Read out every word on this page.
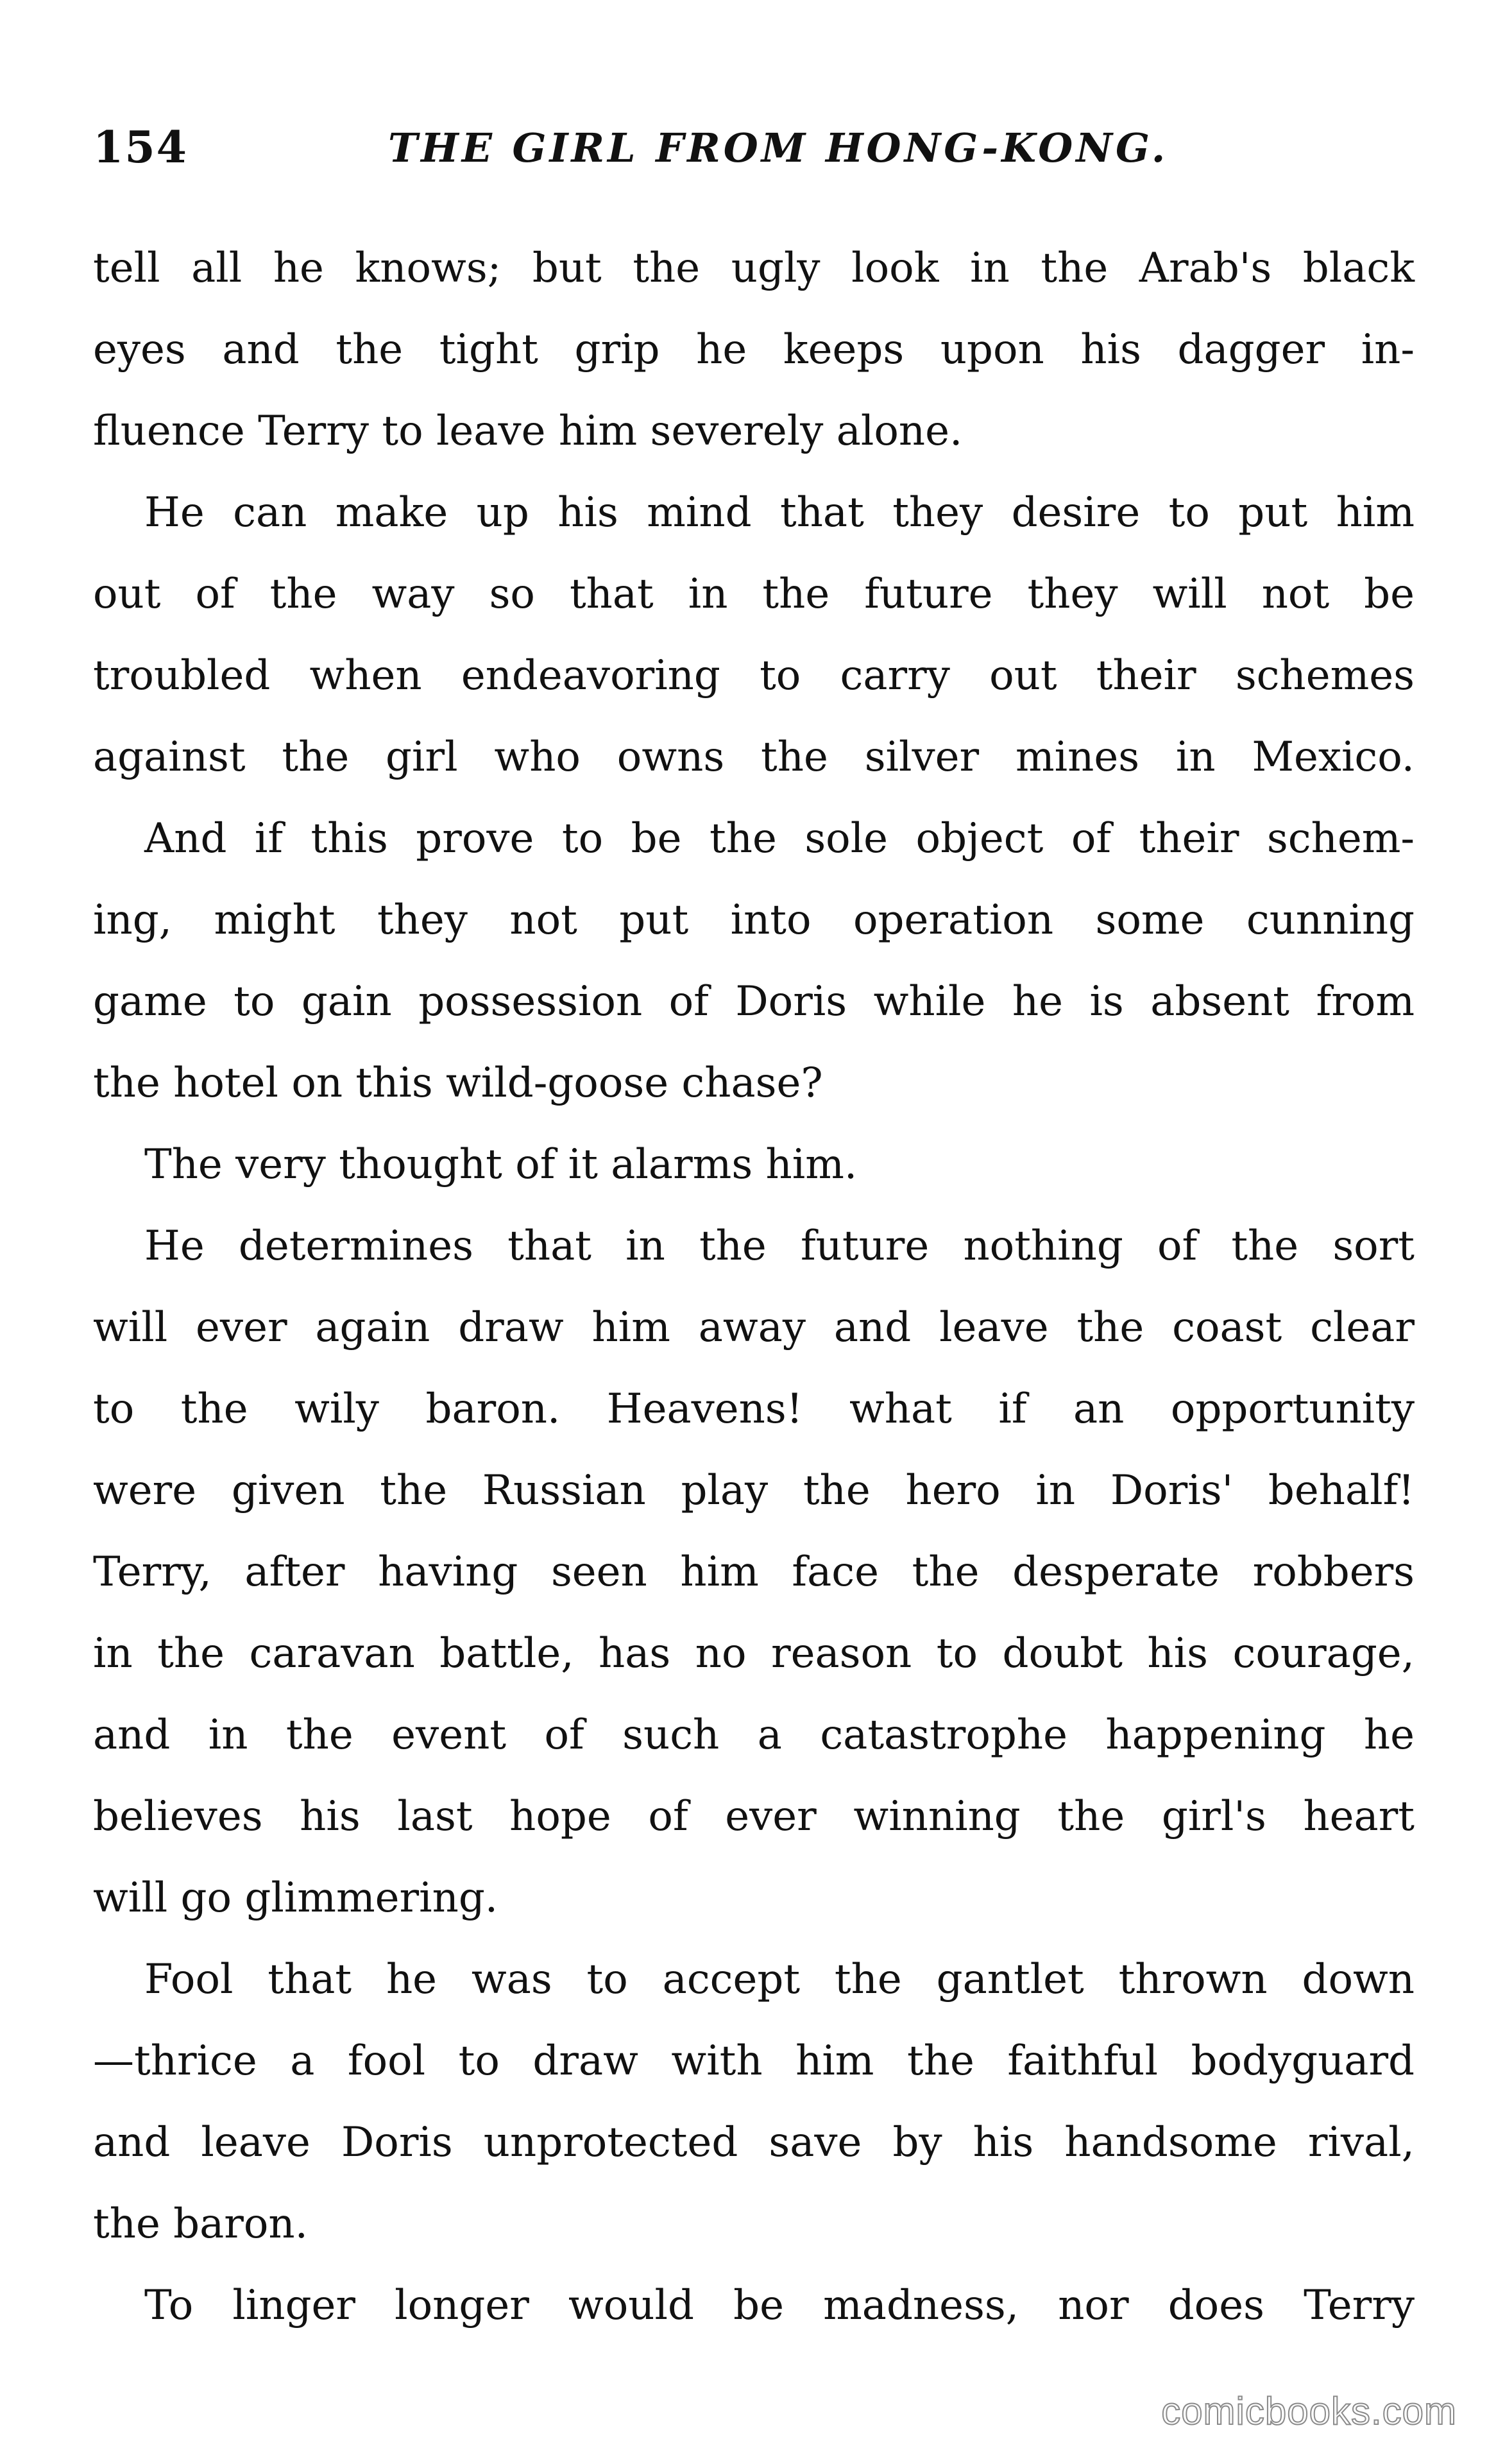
154	THE GIRL FROM HONG-KONG.
tell all he knows; but the ugly look in the Arab's black
eyes and the tight grip he keeps upon his dagger in-
fluence Terry to leave him severely alone.
He can make up his mind that they desire to put him
out of the way so that in the future they will not be
troubled when endeavoring to carry out their schemes
against the girl who owns the silver mines in Mexico.
And if this prove to be the sole object of their schem-
ing, might they not put into operation some cunning
game to gain possession of Doris while he is absent from
the hotel on this wild-goose chase?
The very thought of it alarms him.
He determines that in the future nothing of the sort
will ever again draw him away and leave the coast clear
to the wily baron. Heavens! what if an opportunity
were given the Russian play the hero in Doris' behalf!
Terry, after having seen him face the desperate robbers
in the caravan battle, has no reason to doubt his courage,
and in the event of such a catastrophe happening he
believes his last hope of ever winning the girl's heart
will go glimmering.
Fool that he was to accept the gantlet thrown down
—thrice a fool to draw with him the faithful bodyguard
and leave Doris unprotected save by his handsome rival,
the baron.
To linger longer would be madness, nor does Terry
comicbooks.com
